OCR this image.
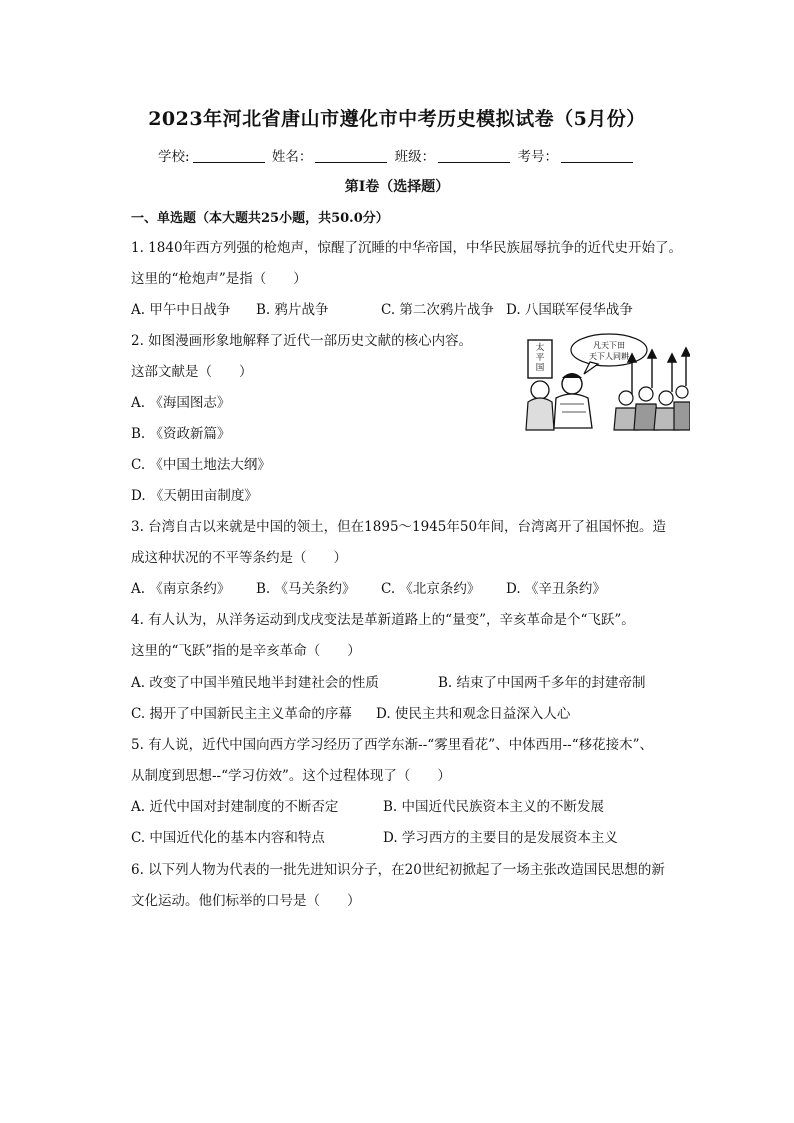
2023年河北省唐山市遵化市中考历史模拟试卷（5月份）
学校:	姓名：	班级：	考号：
第Ⅰ卷（选择题）
一、单选题（本大题共25小题，共50.0分）
1. 1840年西方列强的枪炮声，惊醒了沉睡的中华帝国，中华民族屈辱抗争的近代史开始了。
这里的“枪炮声”是指（　　）
A. 甲午中日战争 B. 鸦片战争	C. 第二次鸦片战争 D. 八国联军侵华战争
2. 如图漫画形象地解释了近代一部历史文献的核心内容。
这部文献是（　　）
A. 《海国图志》
B. 《资政新篇》
C. 《中国土地法大纲》
D. 《天朝田亩制度》
太平国
凡天下田
天下人同耕
3. 台湾自古以来就是中国的领土，但在1895～1945年50年间，台湾离开了祖国怀抱。造
成这种状况的不平等条约是（　　）
A. 《南京条约》 B. 《马关条约》 C. 《北京条约》 D. 《辛丑条约》
4. 有人认为，从洋务运动到戊戌变法是革新道路上的“量变”，辛亥革命是个“飞跃”。
这里的“飞跃”指的是辛亥革命（　　）
A. 改变了中国半殖民地半封建社会的性质	B. 结束了中国两千多年的封建帝制
C. 揭开了中国新民主主义革命的序幕 D. 使民主共和观念日益深入人心
5. 有人说，近代中国向西方学习经历了西学东渐--“雾里看花”、中体西用--“移花接木”、
从制度到思想--“学习仿效”。这个过程体现了（　　）
A. 近代中国对封建制度的不断否定	B. 中国近代民族资本主义的不断发展
C. 中国近代化的基本内容和特点	D. 学习西方的主要目的是发展资本主义
6. 以下列人物为代表的一批先进知识分子，在20世纪初掀起了一场主张改造国民思想的新
文化运动。他们标举的口号是（　　）
